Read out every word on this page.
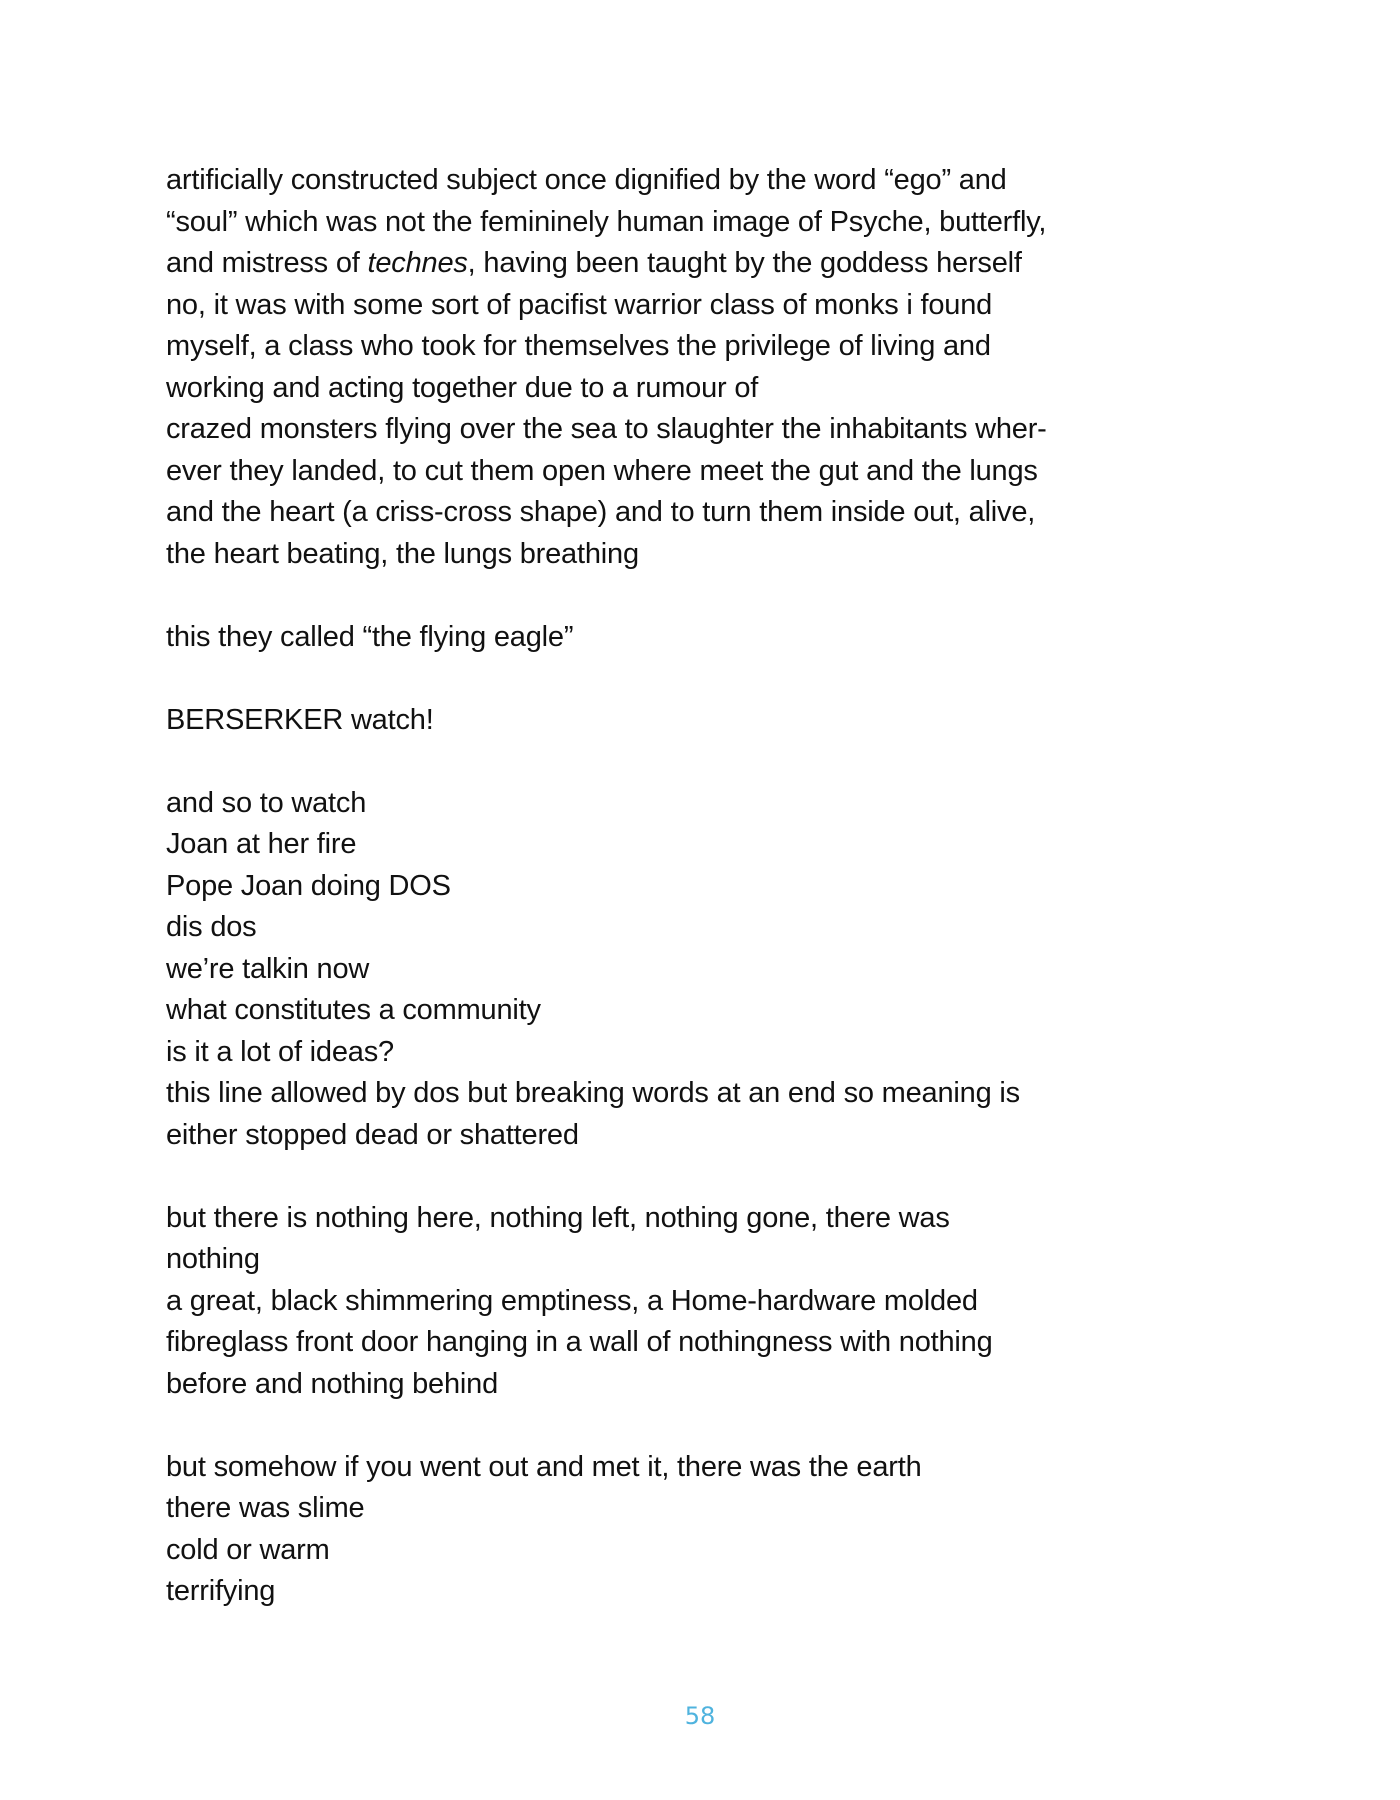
artificially constructed subject once dignified by the word “ego” and
“soul” which was not the femininely human image of Psyche, butterfly,
and mistress of technes, having been taught by the goddess herself
no, it was with some sort of pacifist warrior class of monks i found
myself, a class who took for themselves the privilege of living and
working and acting together due to a rumour of
crazed monsters flying over the sea to slaughter the inhabitants wher-
ever they landed, to cut them open where meet the gut and the lungs
and the heart (a criss-cross shape) and to turn them inside out, alive,
the heart beating, the lungs breathing
this they called “the flying eagle”
BERSERKER watch!
and so to watch
Joan at her fire
Pope Joan doing DOS
dis dos
we’re talkin now
what constitutes a community
is it a lot of ideas?
this line allowed by dos but breaking words at an end so meaning is
either stopped dead or shattered
but there is nothing here, nothing left, nothing gone, there was
nothing
a great, black shimmering emptiness, a Home-hardware molded
fibreglass front door hanging in a wall of nothingness with nothing
before and nothing behind
but somehow if you went out and met it, there was the earth
there was slime
cold or warm
terrifying
58
